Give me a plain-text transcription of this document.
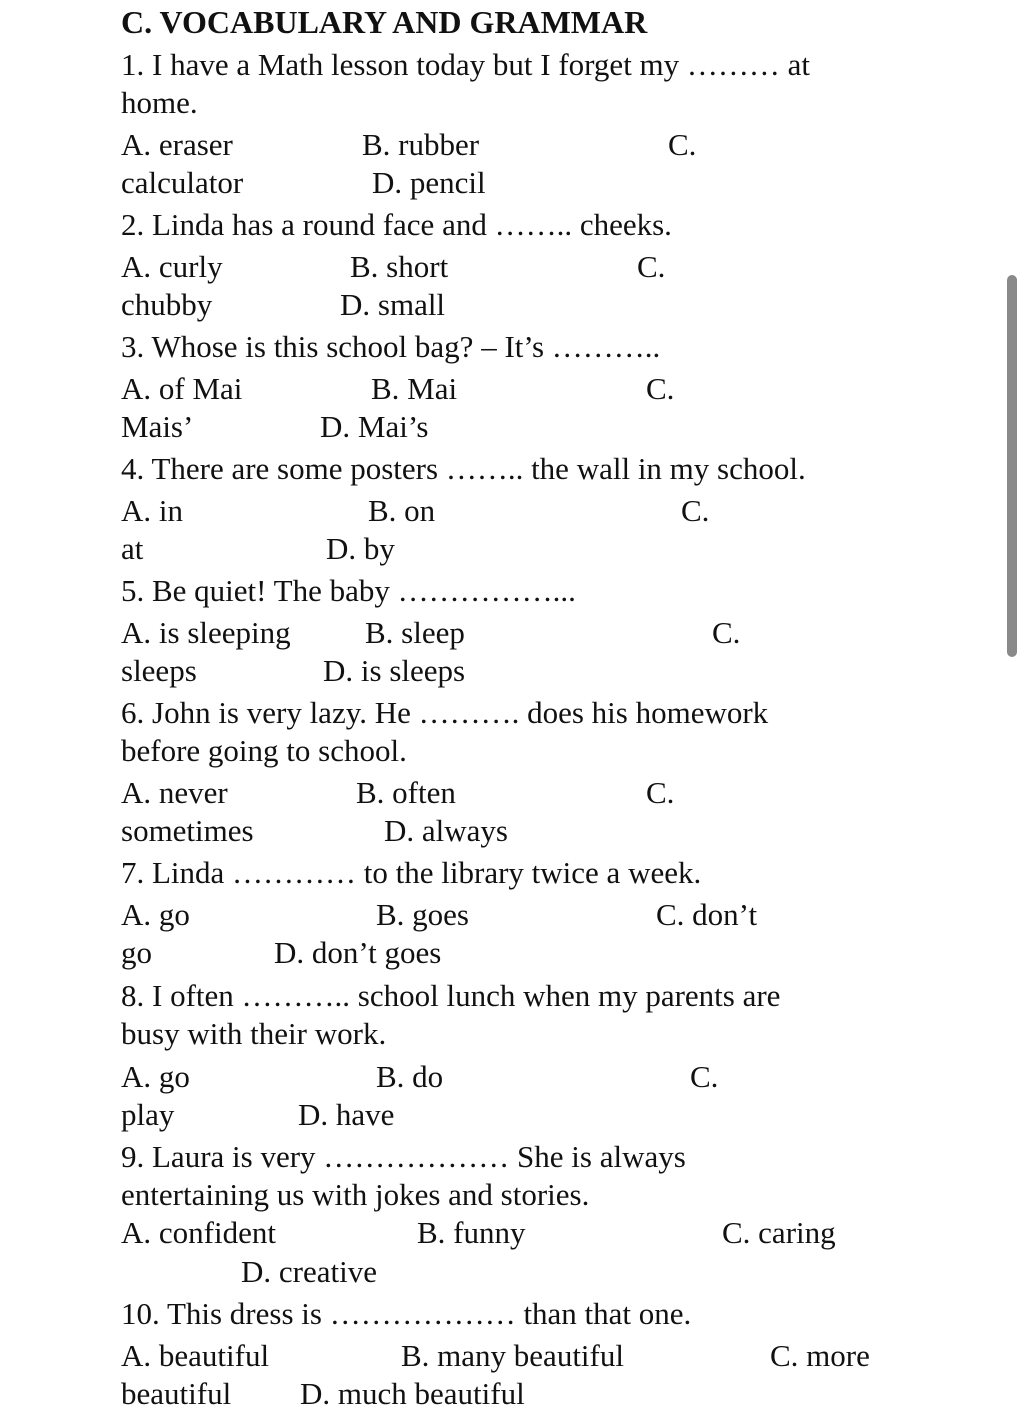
C. VOCABULARY AND GRAMMAR
1. I have a Math lesson today but I forget my ……… at
home.
A. eraser	B. rubber	C.
calculator	D. pencil
2. Linda has a round face and …….. cheeks.
A. curly	B. short	C.
chubby	D. small
3. Whose is this school bag? – It’s ………..
A. of Mai	B. Mai	C.
Mais’	D. Mai’s
4. There are some posters …….. the wall in my school.
A. in	B. on	C.
at	D. by
5. Be quiet! The baby ……………...
A. is sleeping B. sleep	C.
sleeps	D. is sleeps
6. John is very lazy. He ………. does his homework
before going to school.
A. never	B. often	C.
sometimes	D. always
7. Linda ………… to the library twice a week.
A. go	B. goes	C. don’t
go	D. don’t goes
8. I often ……….. school lunch when my parents are
busy with their work.
A. go	B. do	C.
play	D. have
9. Laura is very ……………… She is always
entertaining us with jokes and stories.
A. confident	B. funny	C. caring
D. creative
10. This dress is ……………… than that one.
A. beautiful	B. many beautiful	C. more
beautiful D. much beautiful
